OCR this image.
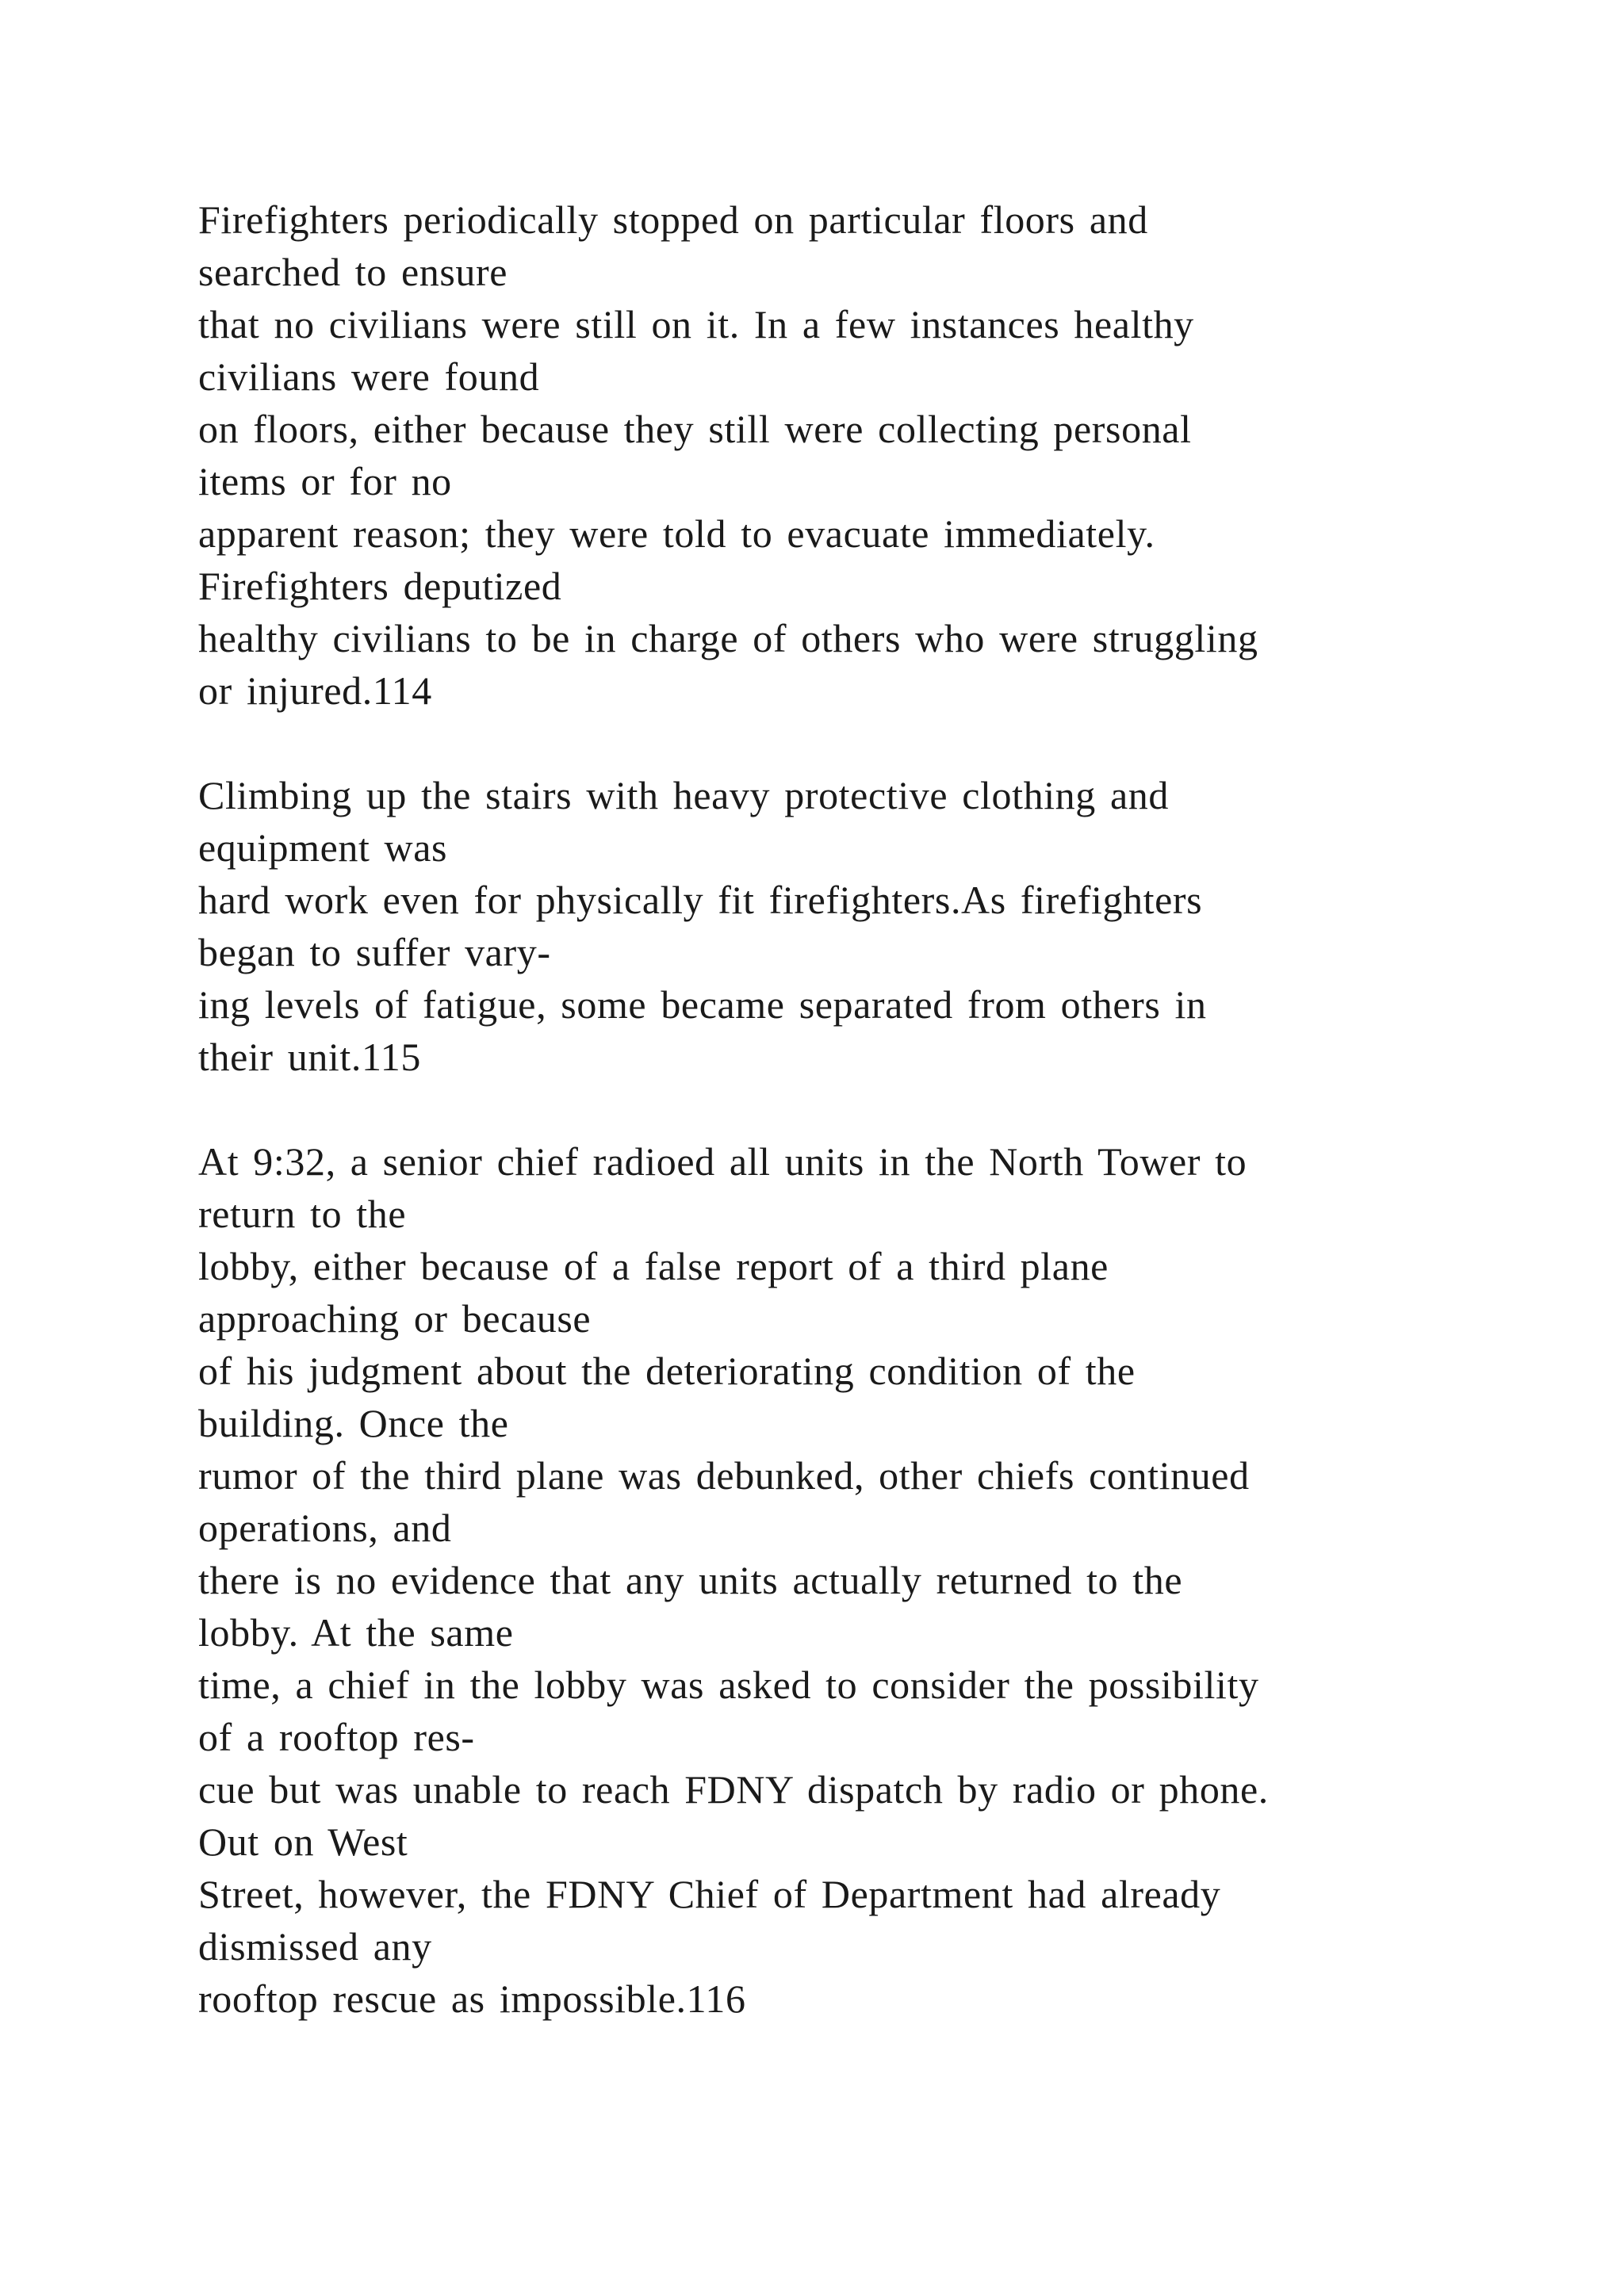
Firefighters periodically stopped on particular floors and
searched to ensure
that no civilians were still on it. In a few instances healthy
civilians were found
on floors, either because they still were collecting personal
items or for no
apparent reason; they were told to evacuate immediately.
Firefighters deputized
healthy civilians to be in charge of others who were struggling
or injured.114

Climbing up the stairs with heavy protective clothing and
equipment was
hard work even for physically fit firefighters.As firefighters
began to suffer vary-
ing levels of fatigue, some became separated from others in
their unit.115

At 9:32, a senior chief radioed all units in the North Tower to
return to the
lobby, either because of a false report of a third plane
approaching or because
of his judgment about the deteriorating condition of the
building. Once the
rumor of the third plane was debunked, other chiefs continued
operations, and
there is no evidence that any units actually returned to the
lobby. At the same
time, a chief in the lobby was asked to consider the possibility
of a rooftop res-
cue but was unable to reach FDNY dispatch by radio or phone.
Out on West
Street, however, the FDNY Chief of Department had already
dismissed any
rooftop rescue as impossible.116
